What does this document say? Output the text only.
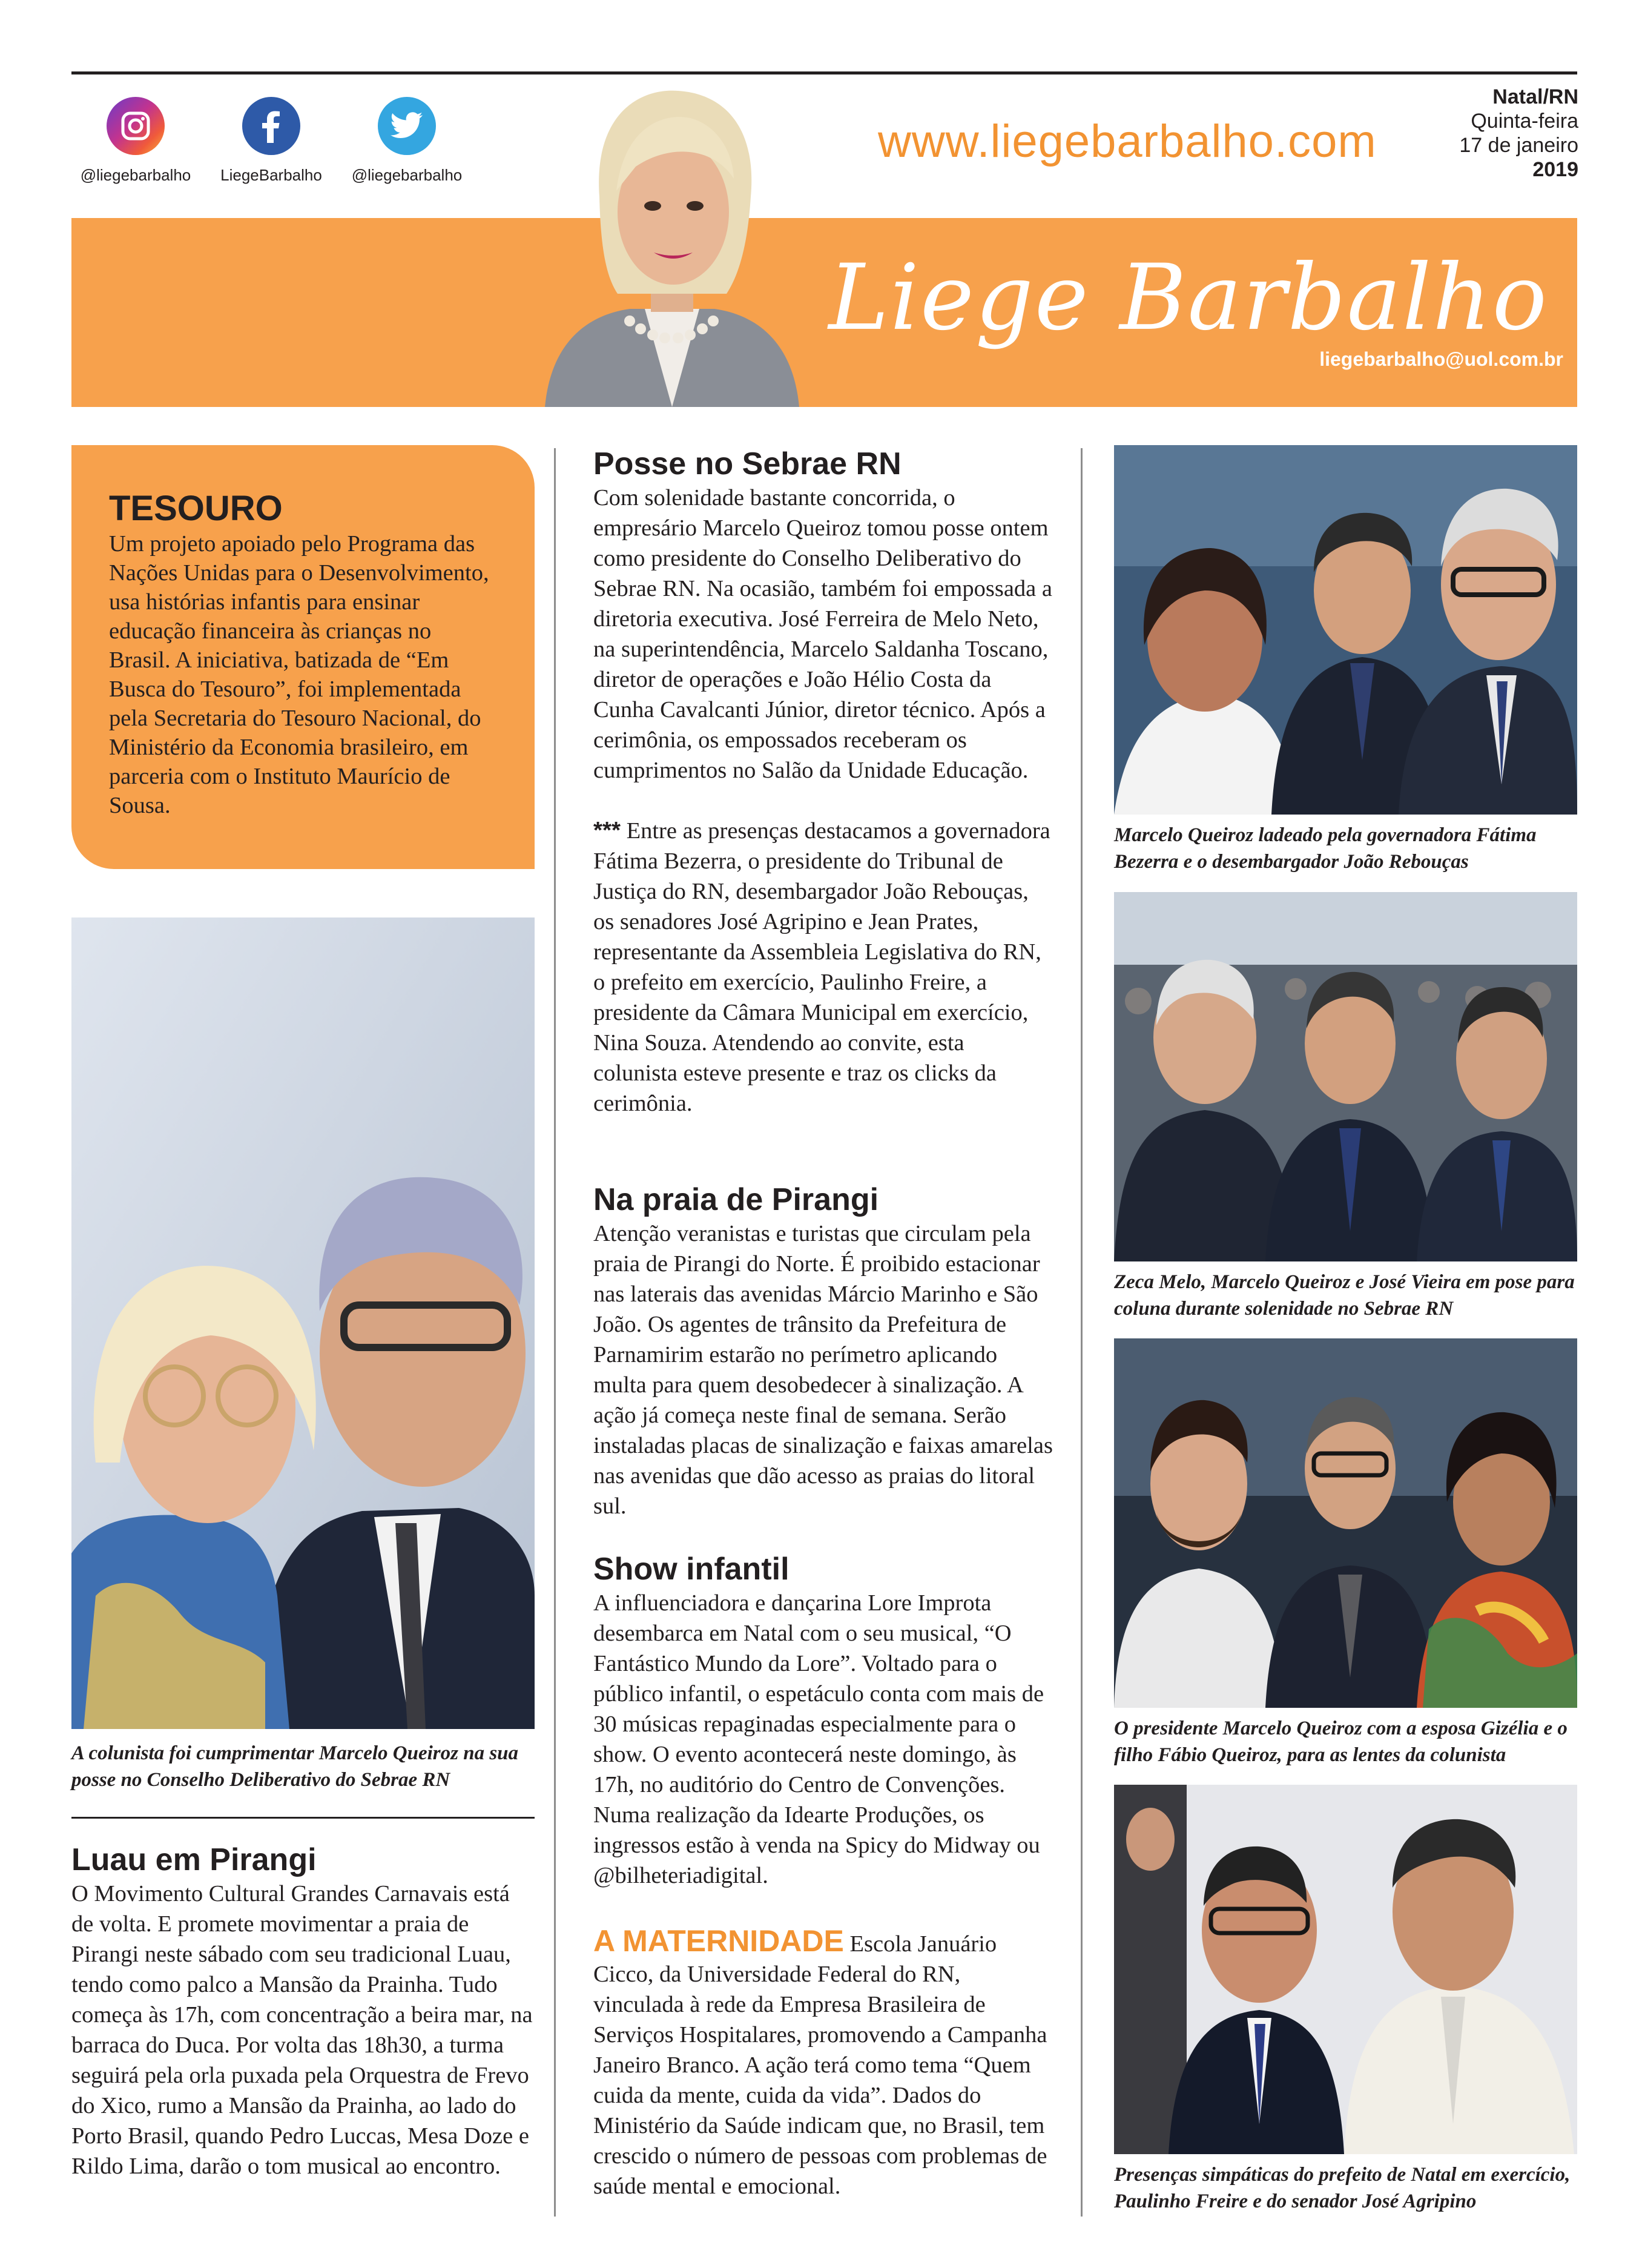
@liegebarbalho	LiegeBarbalho	@liegebarbalho
www.liegebarbalho.com
Natal/RN
Quinta-feira
17 de janeiro
2019
Liege Barbalho
liegebarbalho@uol.com.br
TESOURO

Um projeto apoiado pelo Programa das Nações Unidas para o Desenvolvimento, usa histórias infantis para ensinar educação financeira às crianças no Brasil. A iniciativa, batizada de “Em Busca do Tesouro”, foi implementada pela Secretaria do Tesouro Nacional, do Ministério da Economia brasileiro, em parceria com o Instituto Maurício de Sousa.

A colunista foi cumprimentar Marcelo Queiroz na sua posse no Conselho Deliberativo do Sebrae RN
Luau em Pirangi

O Movimento Cultural Grandes Carnavais está de volta. E promete movimentar a praia de Pirangi neste sábado com seu tradicional Luau, tendo como palco a Mansão da Prainha. Tudo começa às 17h, com concentração a beira mar, na barraca do Duca. Por volta das 18h30, a turma seguirá pela orla puxada pela Orquestra de Frevo do Xico, rumo a Mansão da Prainha, ao lado do Porto Brasil, quando Pedro Luccas, Mesa Doze e Rildo Lima, darão o tom musical ao encontro.

Posse no Sebrae RN

Com solenidade bastante concorrida, o empresário Marcelo Queiroz tomou posse ontem como presidente do Conselho Deliberativo do Sebrae RN. Na ocasião, também foi empossada a diretoria executiva. José Ferreira de Melo Neto, na superintendência, Marcelo Saldanha Toscano, diretor de operações e João Hélio Costa da Cunha Cavalcanti Júnior, diretor técnico. Após a cerimônia, os empossados receberam os cumprimentos no Salão da Unidade Educação.

*** Entre as presenças destacamos a governadora Fátima Bezerra, o presidente do Tribunal de Justiça do RN, desembargador João Rebouças, os senadores José Agripino e Jean Prates, representante da Assembleia Legislativa do RN, o prefeito em exercício, Paulinho Freire, a presidente da Câmara Municipal em exercício, Nina Souza. Atendendo ao convite, esta colunista esteve presente e traz os clicks da cerimônia.

Na praia de Pirangi

Atenção veranistas e turistas que circulam pela praia de Pirangi do Norte. É proibido estacionar nas laterais das avenidas Márcio Marinho e São João. Os agentes de trânsito da Prefeitura de Parnamirim estarão no perímetro aplicando multa para quem desobedecer à sinalização. A ação já começa neste final de semana. Serão instaladas placas de sinalização e faixas amarelas nas avenidas que dão acesso as praias do litoral sul.

Show infantil

A influenciadora e dançarina Lore Improta desembarca em Natal com o seu musical, “O Fantástico Mundo da Lore”. Voltado para o público infantil, o espetáculo conta com mais de 30 músicas repaginadas especialmente para o show. O evento acontecerá neste domingo, às 17h, no auditório do Centro de Convenções. Numa realização da Idearte Produções, os ingressos estão à venda na Spicy do Midway ou @bilheteriadigital.

A MATERNIDADE Escola Januário Cicco, da Universidade Federal do RN, vinculada à rede da Empresa Brasileira de Serviços Hospitalares, promovendo a Campanha Janeiro Branco. A ação terá como tema “Quem cuida da mente, cuida da vida”. Dados do Ministério da Saúde indicam que, no Brasil, tem crescido o número de pessoas com problemas de saúde mental e emocional.

Marcelo Queiroz ladeado pela governadora Fátima Bezerra e o desembargador João Rebouças
Zeca Melo, Marcelo Queiroz e José Vieira em pose para coluna durante solenidade no Sebrae RN
O presidente Marcelo Queiroz com a esposa Gizélia e o filho Fábio Queiroz, para as lentes da colunista
Presenças simpáticas do prefeito de Natal em exercício, Paulinho Freire e do senador José Agripino
